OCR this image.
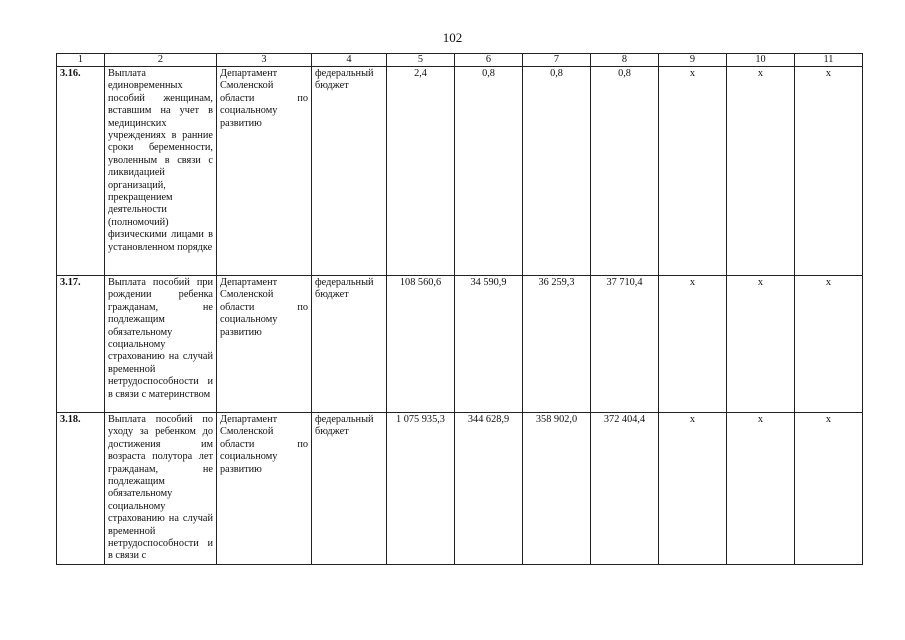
102
1	2	3	4	5	6	7	8	9	10	11
3.16.	Выплата единовременных пособий женщинам, вставшим на учет в медицинских учреждениях в ранние сроки беременности, уволенным в связи с ликвидацией организаций, прекращением деятельности (полномочий) физическими лицами в установленном порядке	Департамент Смоленской области по социальному развитию	федеральный бюджет	2,4	0,8	0,8	0,8	х	х	х
3.17.	Выплата пособий при рождении ребенка гражданам, не подлежащим обязательному социальному страхованию на случай временной нетрудоспособности и в связи с материнством	Департамент Смоленской области по социальному развитию	федеральный бюджет	108 560,6	34 590,9	36 259,3	37 710,4	х	х	х
3.18.	Выплата пособий по уходу за ребенком до достижения им возраста полутора лет гражданам, не подлежащим обязательному социальному страхованию на случай временной нетрудоспособности и в связи с	Департамент Смоленской области по социальному развитию	федеральный бюджет	1 075 935,3	344 628,9	358 902,0	372 404,4	х	х	х
